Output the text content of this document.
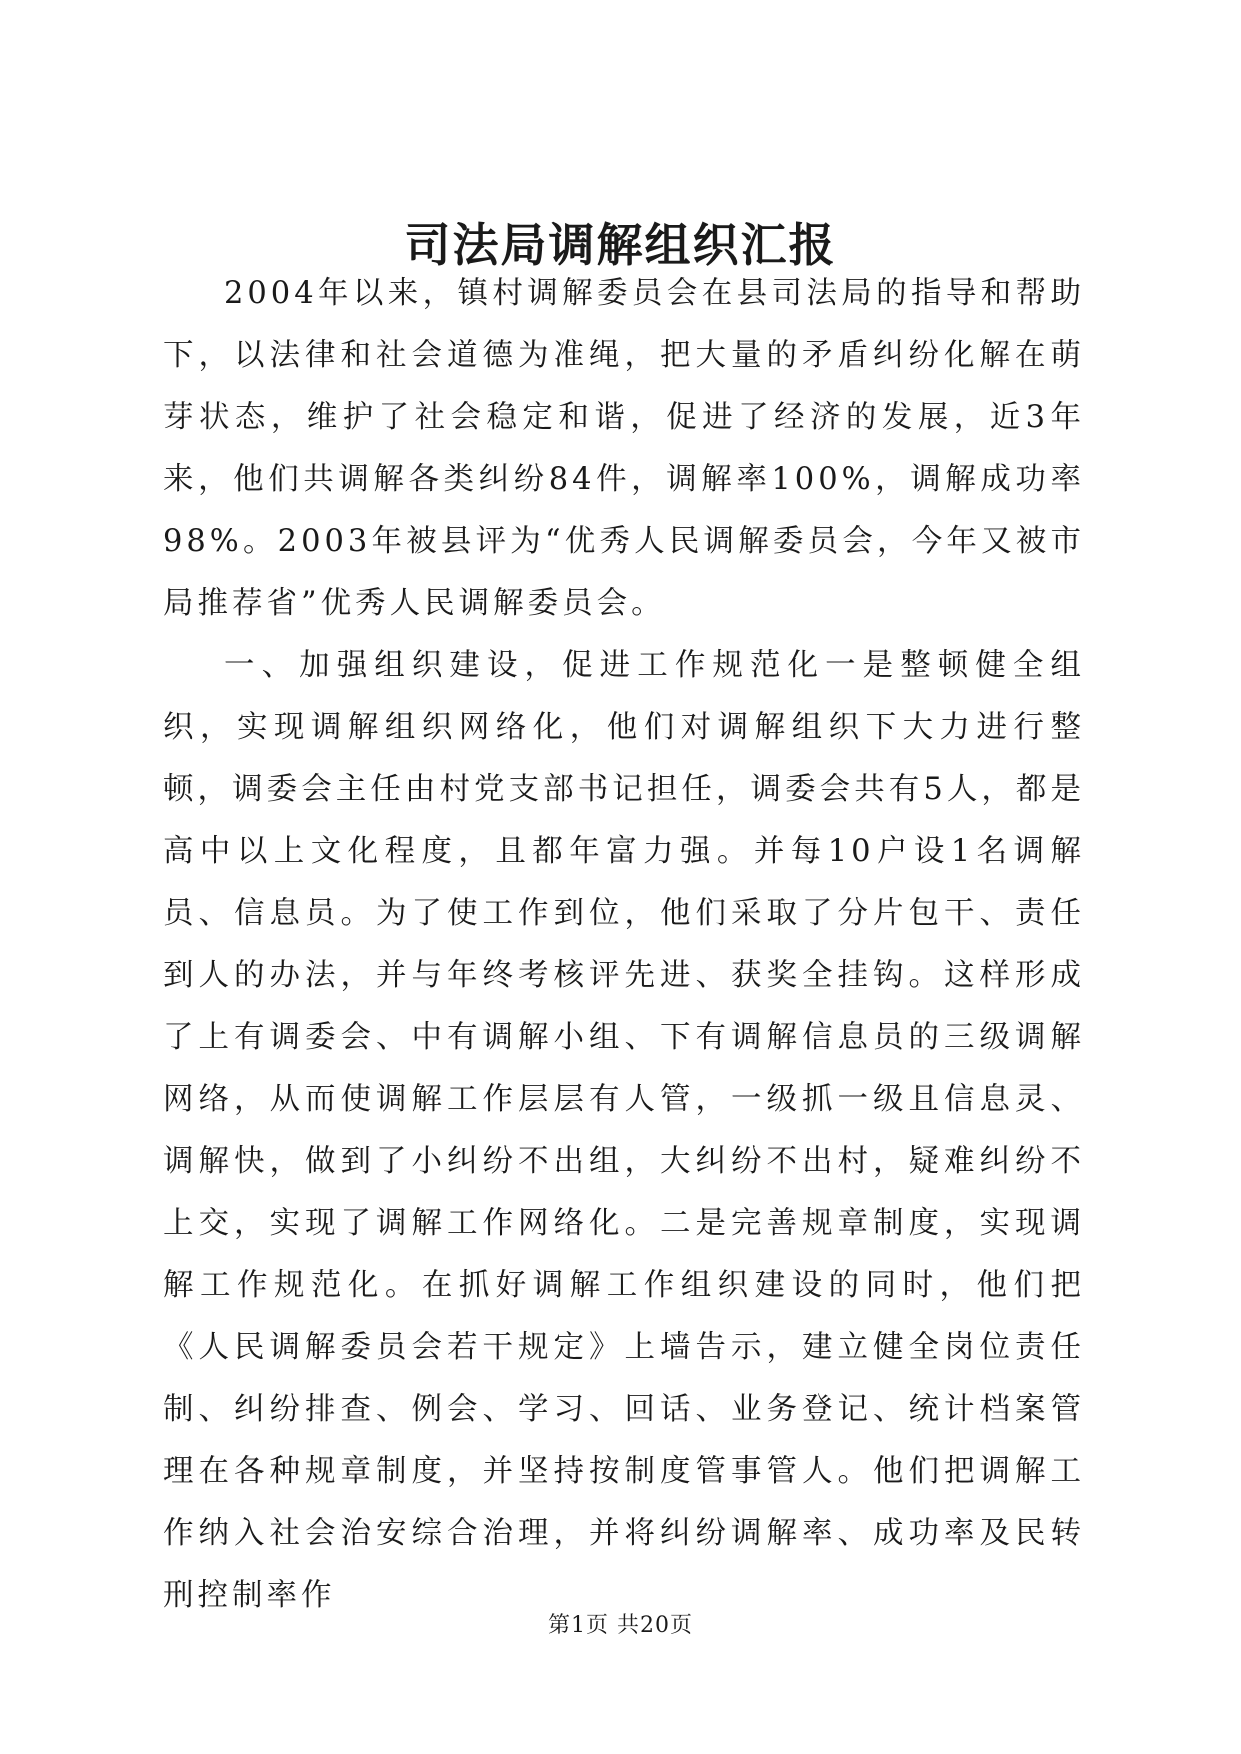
司法局调解组织汇报

2004年以来，镇村调解委员会在县司法局的指导和帮助下，以法律和社会道德为准绳，把大量的矛盾纠纷化解在萌芽状态，维护了社会稳定和谐，促进了经济的发展，近3年来，他们共调解各类纠纷84件，调解率100%，调解成功率98%。2003年被县评为“优秀人民调解委员会，今年又被市局推荐省”优秀人民调解委员会。

一、加强组织建设，促进工作规范化一是整顿健全组织，实现调解组织网络化，他们对调解组织下大力进行整顿，调委会主任由村党支部书记担任，调委会共有5人，都是高中以上文化程度，且都年富力强。并每10户设1名调解员、信息员。为了使工作到位，他们采取了分片包干、责任到人的办法，并与年终考核评先进、获奖全挂钩。这样形成了上有调委会、中有调解小组、下有调解信息员的三级调解网络，从而使调解工作层层有人管，一级抓一级且信息灵、调解快，做到了小纠纷不出组，大纠纷不出村，疑难纠纷不上交，实现了调解工作网络化。二是完善规章制度，实现调解工作规范化。在抓好调解工作组织建设的同时，他们把《人民调解委员会若干规定》上墙告示，建立健全岗位责任制、纠纷排查、例会、学习、回话、业务登记、统计档案管理在各种规章制度，并坚持按制度管事管人。他们把调解工作纳入社会治安综合治理，并将纠纷调解率、成功率及民转刑控制率作

第1页 共20页
